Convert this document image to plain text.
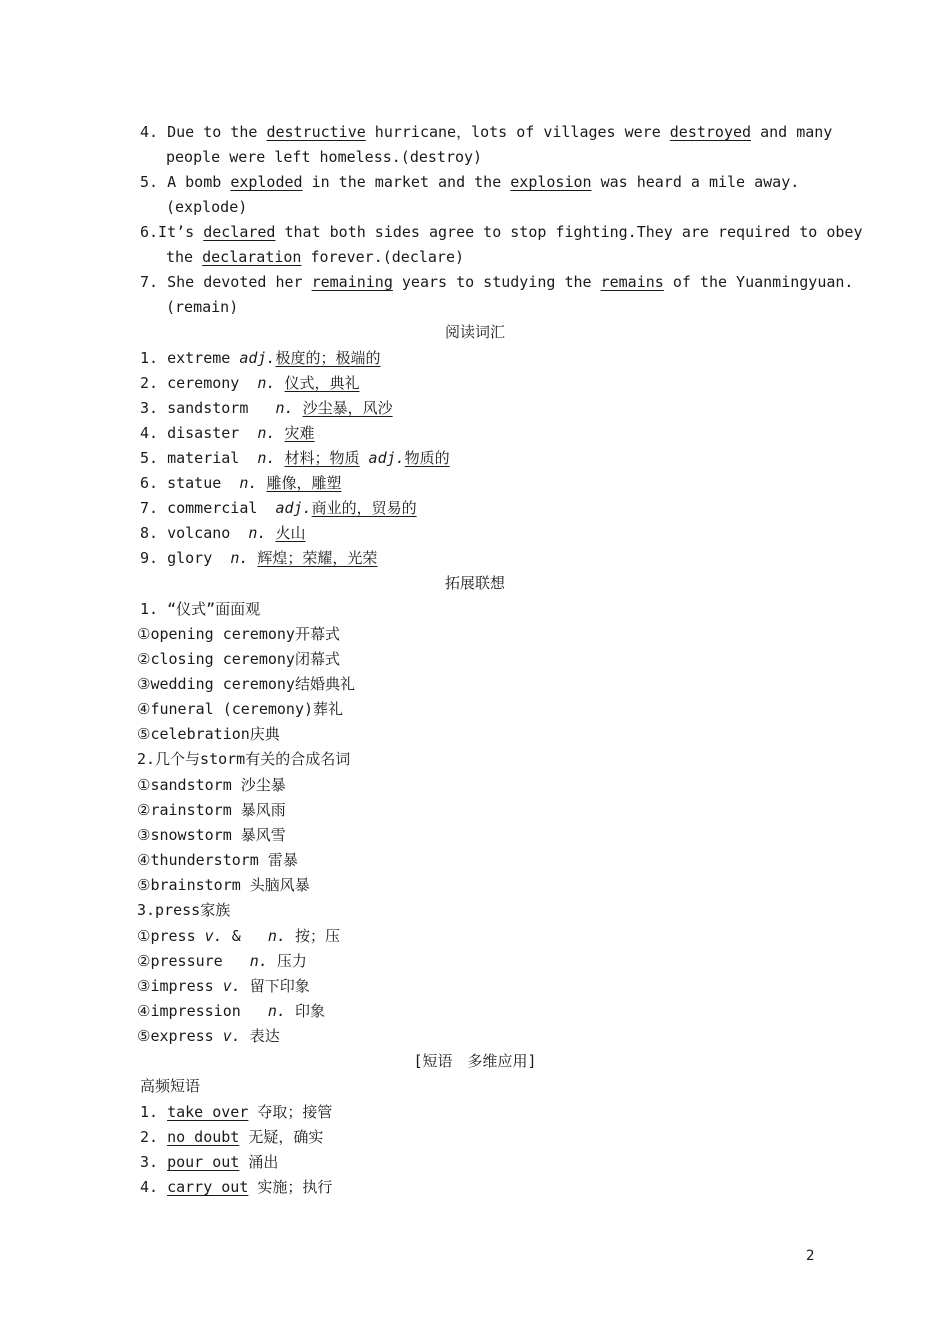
4. Due to the destructive hurricane，lots of villages were destroyed and many
people were left homeless.(destroy)
5. A bomb exploded in the market and the explosion was heard a mile away.
(explode)
6.It’s declared that both sides agree to stop fighting.They are required to obey
the declaration forever.(declare)
7. She devoted her remaining years to studying the remains of the Yuanmingyuan.
(remain)
阅读词汇
1. extreme adj.极度的；极端的
2. ceremony  n. 仪式，典礼
3. sandstorm   n. 沙尘暴，风沙
4. disaster  n. 灾难
5. material  n. 材料；物质 adj.物质的
6. statue  n. 雕像，雕塑
7. commercial  adj.商业的，贸易的
8. volcano  n. 火山
9. glory  n. 辉煌；荣耀，光荣
拓展联想
1. “仪式”面面观
①opening ceremony开幕式
②closing ceremony闭幕式
③wedding ceremony结婚典礼
④funeral (ceremony)葬礼
⑤celebration庆典
2.几个与storm有关的合成名词
①sandstorm 沙尘暴
②rainstorm 暴风雨
③snowstorm 暴风雪
④thunderstorm 雷暴
⑤brainstorm 头脑风暴
3.press家族
①press v. &   n. 按；压
②pressure   n. 压力
③impress v. 留下印象
④impression   n. 印象
⑤express v. 表达
[短语　多维应用]
高频短语
1. take over 夺取；接管
2. no doubt 无疑，确实
3. pour out 涌出
4. carry out 实施；执行
2
